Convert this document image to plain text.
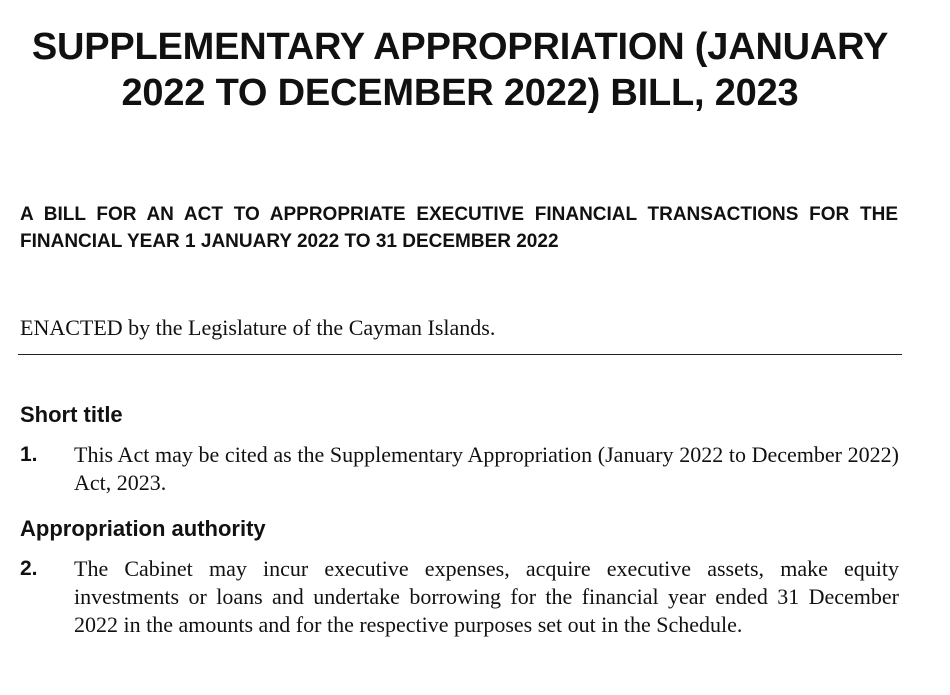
SUPPLEMENTARY APPROPRIATION (JANUARY 2022 TO DECEMBER 2022) BILL, 2023

A BILL FOR AN ACT TO APPROPRIATE EXECUTIVE FINANCIAL TRANSACTIONS FOR THE FINANCIAL YEAR 1 JANUARY 2022 TO 31 DECEMBER 2022

ENACTED by the Legislature of the Cayman Islands.

Short title
1. This Act may be cited as the Supplementary Appropriation (January 2022 to December 2022) Act, 2023.

Appropriation authority
2. The Cabinet may incur executive expenses, acquire executive assets, make equity investments or loans and undertake borrowing for the financial year ended 31 December 2022 in the amounts and for the respective purposes set out in the Schedule.
